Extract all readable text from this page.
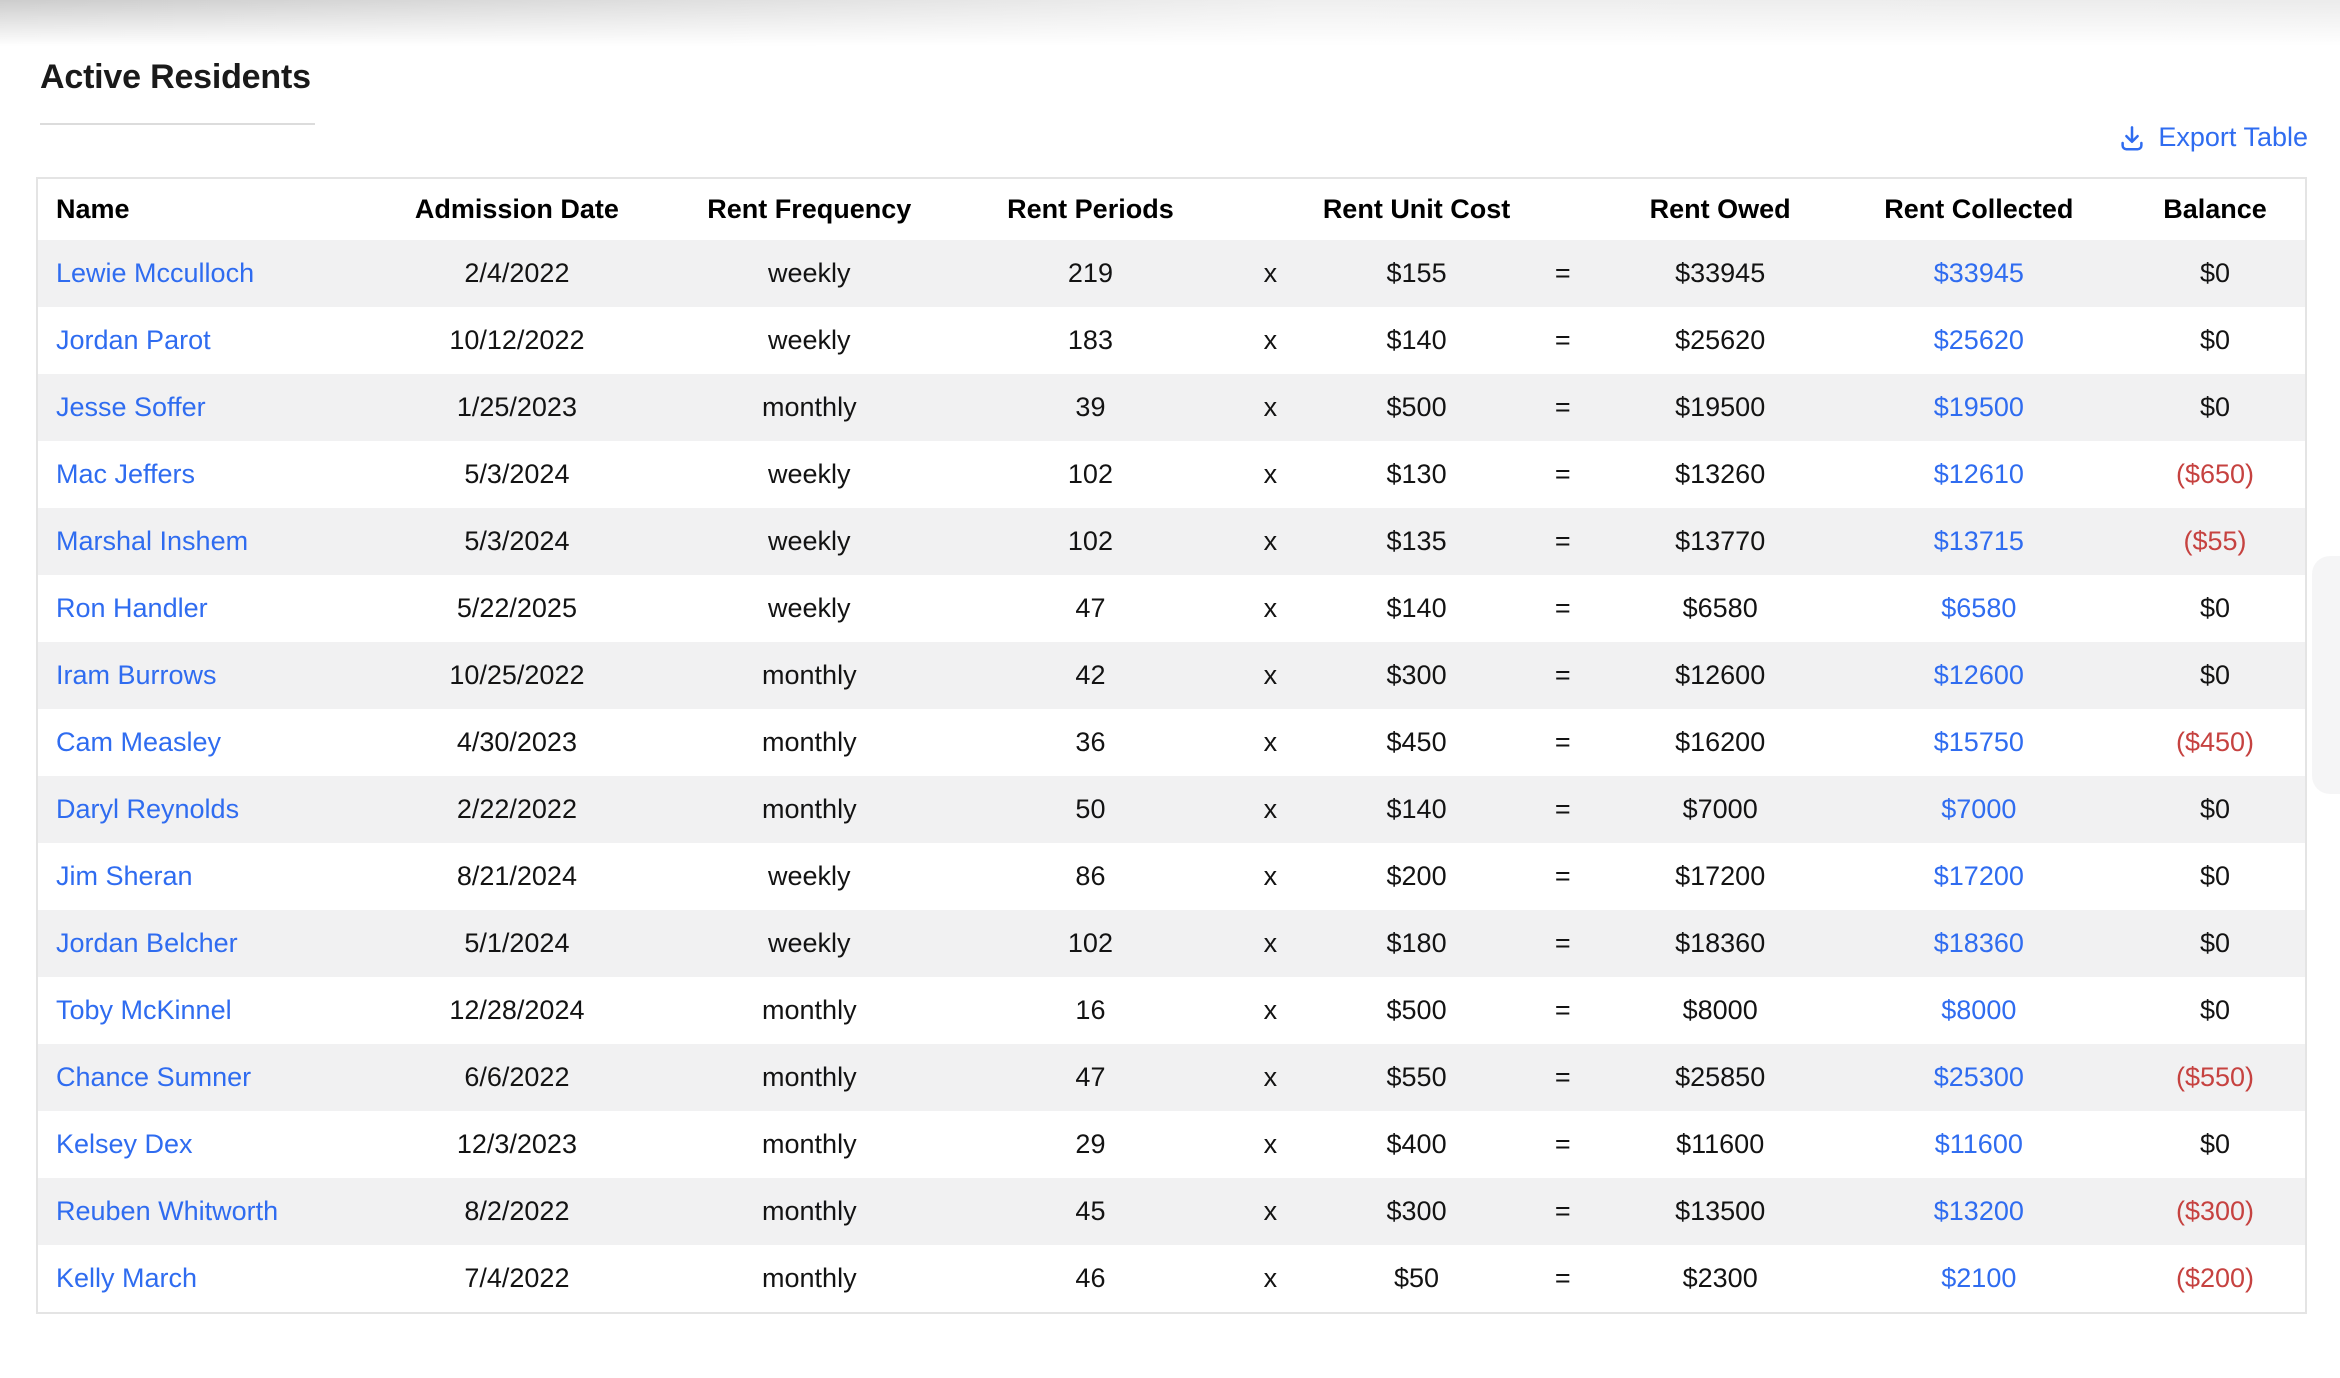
Active Residents
Export Table
Name	Admission Date	Rent Frequency	Rent Periods		Rent Unit Cost		Rent Owed	Rent Collected	Balance
Lewie Mcculloch	2/4/2022	weekly	219	x	$155	=	$33945	$33945	$0
Jordan Parot	10/12/2022	weekly	183	x	$140	=	$25620	$25620	$0
Jesse Soffer	1/25/2023	monthly	39	x	$500	=	$19500	$19500	$0
Mac Jeffers	5/3/2024	weekly	102	x	$130	=	$13260	$12610	($650)
Marshal Inshem	5/3/2024	weekly	102	x	$135	=	$13770	$13715	($55)
Ron Handler	5/22/2025	weekly	47	x	$140	=	$6580	$6580	$0
Iram Burrows	10/25/2022	monthly	42	x	$300	=	$12600	$12600	$0
Cam Measley	4/30/2023	monthly	36	x	$450	=	$16200	$15750	($450)
Daryl Reynolds	2/22/2022	monthly	50	x	$140	=	$7000	$7000	$0
Jim Sheran	8/21/2024	weekly	86	x	$200	=	$17200	$17200	$0
Jordan Belcher	5/1/2024	weekly	102	x	$180	=	$18360	$18360	$0
Toby McKinnel	12/28/2024	monthly	16	x	$500	=	$8000	$8000	$0
Chance Sumner	6/6/2022	monthly	47	x	$550	=	$25850	$25300	($550)
Kelsey Dex	12/3/2023	monthly	29	x	$400	=	$11600	$11600	$0
Reuben Whitworth	8/2/2022	monthly	45	x	$300	=	$13500	$13200	($300)
Kelly March	7/4/2022	monthly	46	x	$50	=	$2300	$2100	($200)
